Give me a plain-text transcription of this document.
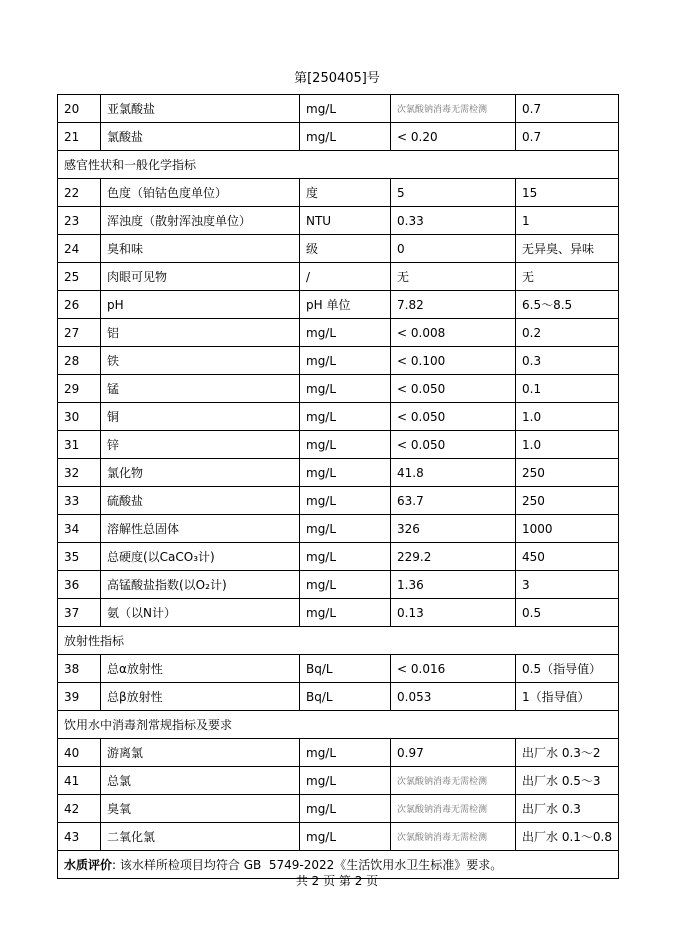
第[250405]号
20	亚氯酸盐	mg/L	次氯酸钠消毒无需检测	0.7
21	氯酸盐	mg/L	< 0.20	0.7
感官性状和一般化学指标				
22	色度（铂钴色度单位）	度	5	15
23	浑浊度（散射浑浊度单位）	NTU	0.33	1
24	臭和味	级	0	无异臭、异味
25	肉眼可见物	/	无	无
26	pH	pH 单位	7.82	6.5～8.5
27	铝	mg/L	< 0.008	0.2
28	铁	mg/L	< 0.100	0.3
29	锰	mg/L	< 0.050	0.1
30	铜	mg/L	< 0.050	1.0
31	锌	mg/L	< 0.050	1.0
32	氯化物	mg/L	41.8	250
33	硫酸盐	mg/L	63.7	250
34	溶解性总固体	mg/L	326	1000
35	总硬度(以CaCO₃计)	mg/L	229.2	450
36	高锰酸盐指数(以O₂计)	mg/L	1.36	3
37	氨（以N计）	mg/L	0.13	0.5
放射性指标				
38	总α放射性	Bq/L	< 0.016	0.5（指导值）
39	总β放射性	Bq/L	0.053	1（指导值）
饮用水中消毒剂常规指标及要求				
40	游离氯	mg/L	0.97	出厂水 0.3～2
41	总氯	mg/L	次氯酸钠消毒无需检测	出厂水 0.5～3
42	臭氧	mg/L	次氯酸钠消毒无需检测	出厂水 0.3
43	二氧化氯	mg/L	次氯酸钠消毒无需检测	出厂水 0.1～0.8
水质评价: 该水样所检项目均符合 GB  5749-2022《生活饮用水卫生标准》要求。				
共 2 页 第 2 页
